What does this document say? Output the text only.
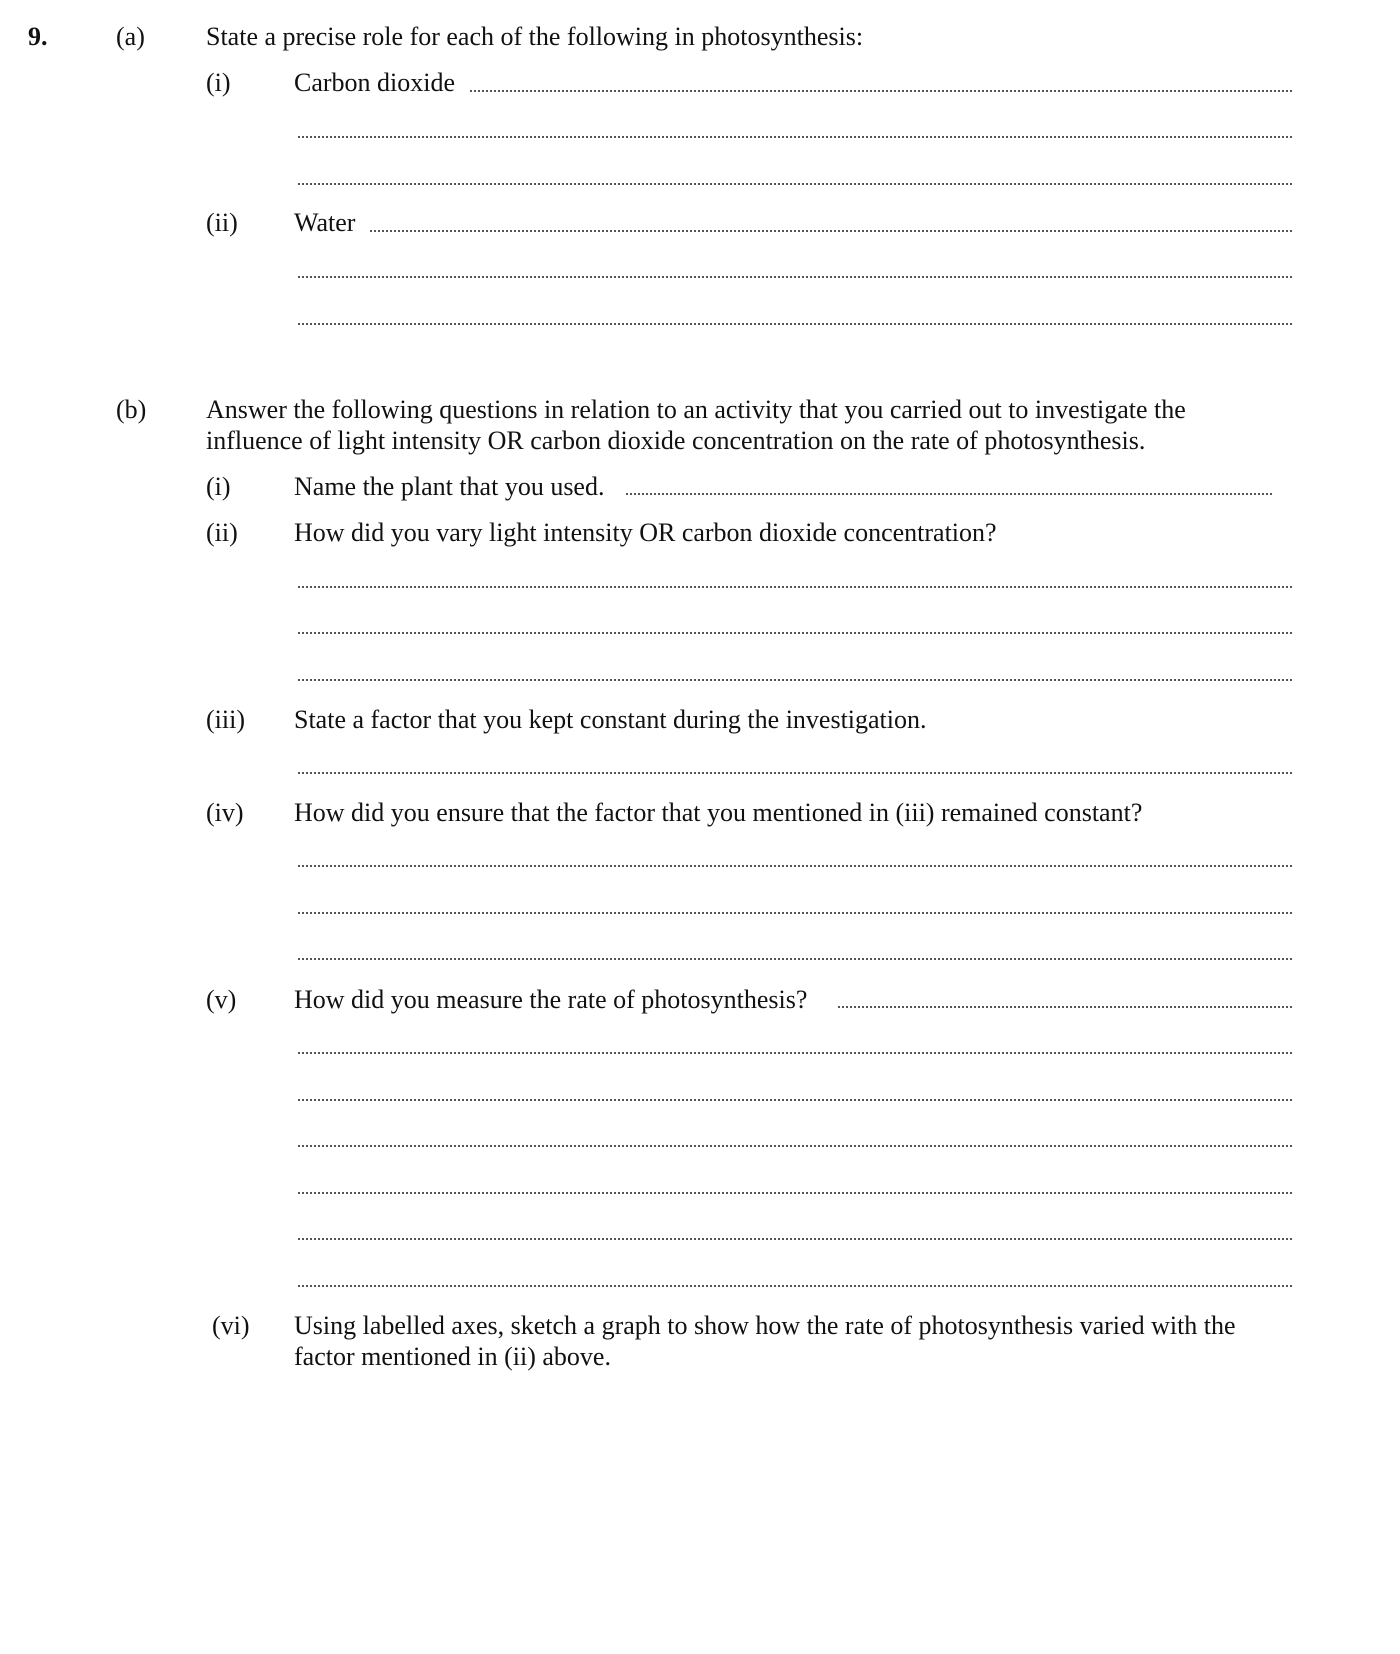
9.	(a) State a precise role for each of the following in photosynthesis:
(i) Carbon dioxide
(ii) Water
(b) Answer the following questions in relation to an activity that you carried out to investigate the
influence of light intensity OR carbon dioxide concentration on the rate of photosynthesis.
(i) Name the plant that you used.
(ii) How did you vary light intensity OR carbon dioxide concentration?
(iii) State a factor that you kept constant during the investigation.
(iv) How did you ensure that the factor that you mentioned in (iii) remained constant?
(v) How did you measure the rate of photosynthesis?
(vi) Using labelled axes, sketch a graph to show how the rate of photosynthesis varied with the
factor mentioned in (ii) above.
